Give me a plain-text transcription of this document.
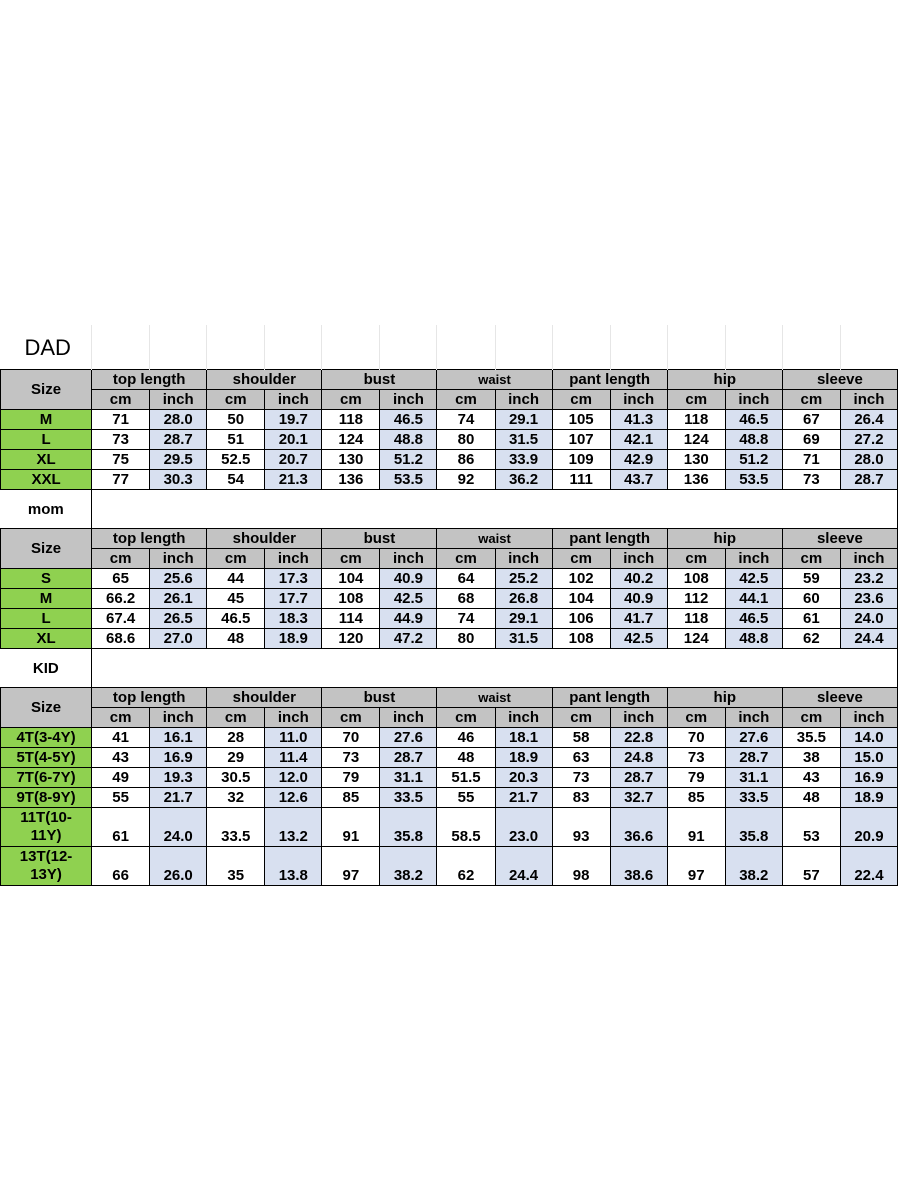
DAD														
Size	top length		shoulder		bust		waist		pant length		hip		sleeve	
	cm	inch	cm	inch	cm	inch	cm	inch	cm	inch	cm	inch	cm	inch
M	71	28.0	50	19.7	118	46.5	74	29.1	105	41.3	118	46.5	67	26.4
L	73	28.7	51	20.1	124	48.8	80	31.5	107	42.1	124	48.8	69	27.2
XL	75	29.5	52.5	20.7	130	51.2	86	33.9	109	42.9	130	51.2	71	28.0
XXL	77	30.3	54	21.3	136	53.5	92	36.2	111	43.7	136	53.5	73	28.7
mom														
Size	top length		shoulder		bust		waist		pant length		hip		sleeve	
	cm	inch	cm	inch	cm	inch	cm	inch	cm	inch	cm	inch	cm	inch
S	65	25.6	44	17.3	104	40.9	64	25.2	102	40.2	108	42.5	59	23.2
M	66.2	26.1	45	17.7	108	42.5	68	26.8	104	40.9	112	44.1	60	23.6
L	67.4	26.5	46.5	18.3	114	44.9	74	29.1	106	41.7	118	46.5	61	24.0
XL	68.6	27.0	48	18.9	120	47.2	80	31.5	108	42.5	124	48.8	62	24.4
KID														
Size	top length		shoulder		bust		waist		pant length		hip		sleeve	
	cm	inch	cm	inch	cm	inch	cm	inch	cm	inch	cm	inch	cm	inch
4T(3-4Y)	41	16.1	28	11.0	70	27.6	46	18.1	58	22.8	70	27.6	35.5	14.0
5T(4-5Y)	43	16.9	29	11.4	73	28.7	48	18.9	63	24.8	73	28.7	38	15.0
7T(6-7Y)	49	19.3	30.5	12.0	79	31.1	51.5	20.3	73	28.7	79	31.1	43	16.9
9T(8-9Y)	55	21.7	32	12.6	85	33.5	55	21.7	83	32.7	85	33.5	48	18.9
11T(10-
11Y)	61	24.0	33.5	13.2	91	35.8	58.5	23.0	93	36.6	91	35.8	53	20.9
13T(12-
13Y)	66	26.0	35	13.8	97	38.2	62	24.4	98	38.6	97	38.2	57	22.4
